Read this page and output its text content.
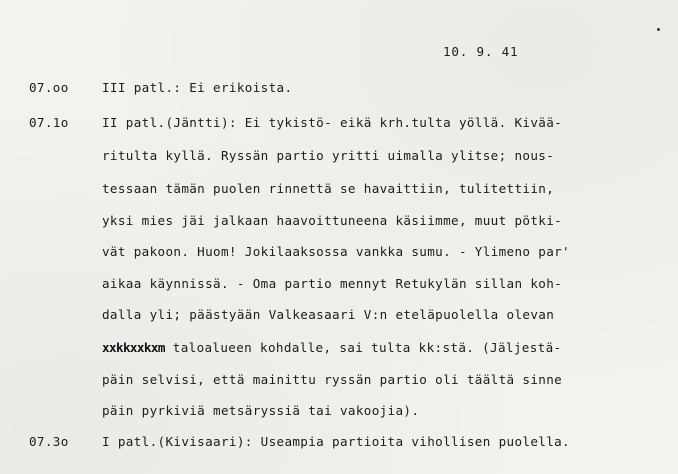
10. 9. 41
07.oo	III patl.: Ei erikoista.
07.1o	II patl.(Jäntti): Ei tykistö- eikä krh.tulta yöllä. Kivää-
ritulta kyllä. Ryssän partio yritti uimalla ylitse; nous-
tessaan tämän puolen rinnettä se havaittiin, tulitettiin,
yksi mies jäi jalkaan haavoittuneena käsiimme, muut pötki-
vät pakoon. Huom! Jokilaaksossa vankka sumu. - Ylimeno par'
aikaa käynnissä. - Oma partio mennyt Retukylän sillan koh-
dalla yli; päästyään Valkeasaari V:n eteläpuolella olevan
xxkkxxkxm taloalueen kohdalle, sai tulta kk:stä. (Jäljestä-
päin selvisi, että mainittu ryssän partio oli täältä sinne
päin pyrkiviä metsäryssiä tai vakoojia).
07.3o	I patl.(Kivisaari): Useampia partioita vihollisen puolella.
